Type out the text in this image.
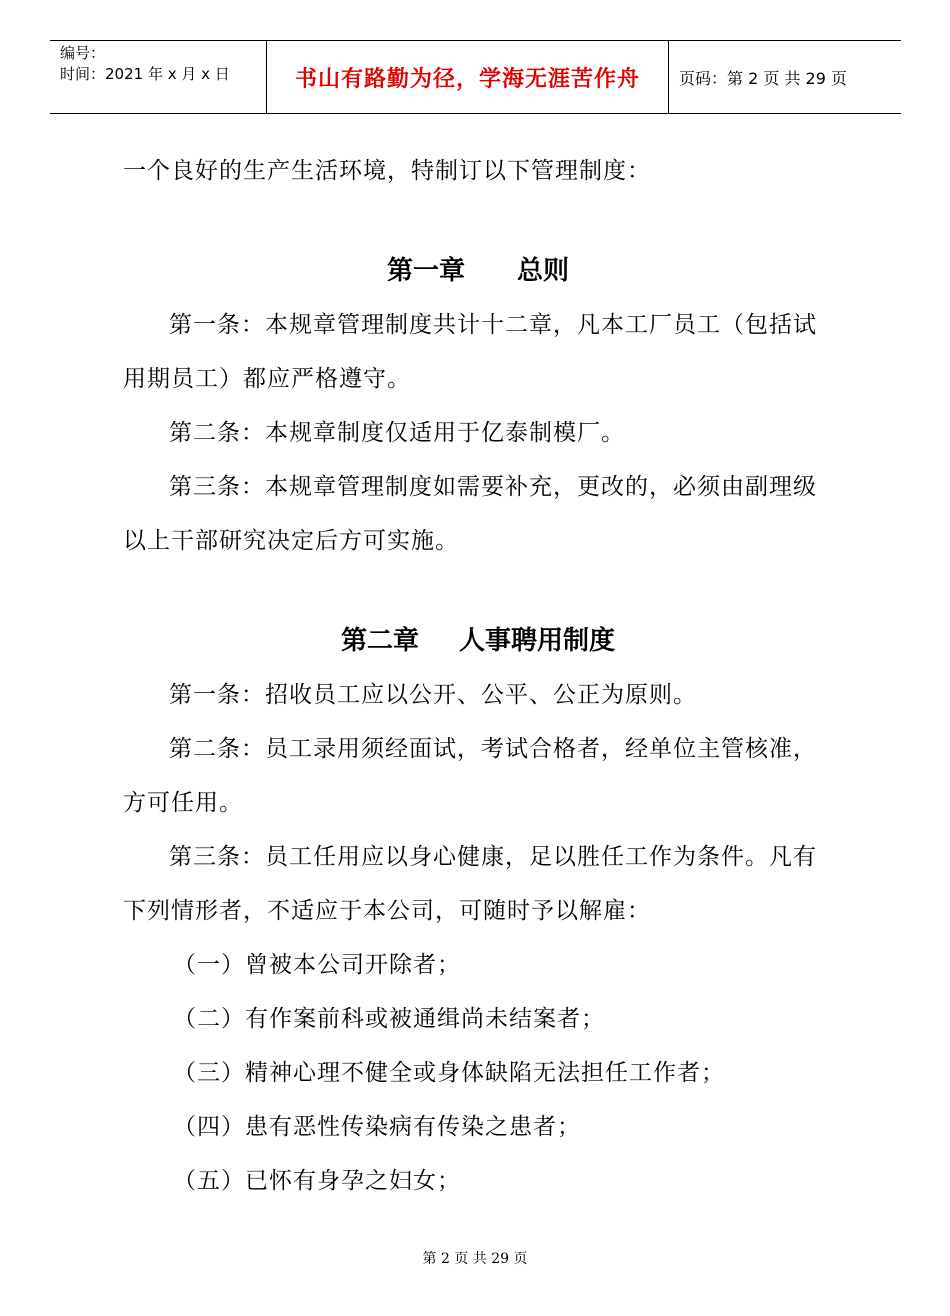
编号：
时间：2021 年 x 月 x 日	书山有路勤为径，学海无涯苦作舟 页码：第 2 页 共 29 页
一个良好的生产生活环境，特制订以下管理制度：
第一章 总则
第一条：本规章管理制度共计十二章，凡本工厂员工（包括试
用期员工）都应严格遵守。
第二条：本规章制度仅适用于亿泰制模厂。
第三条：本规章管理制度如需要补充，更改的，必须由副理级
以上干部研究决定后方可实施。
第二章 人事聘用制度
第一条：招收员工应以公开、公平、公正为原则。
第二条：员工录用须经面试，考试合格者，经单位主管核准，
方可任用。
第三条：员工任用应以身心健康，足以胜任工作为条件。凡有
下列情形者，不适应于本公司，可随时予以解雇：
（一）曾被本公司开除者；
（二）有作案前科或被通缉尚未结案者；
（三）精神心理不健全或身体缺陷无法担任工作者；
（四）患有恶性传染病有传染之患者；
（五）已怀有身孕之妇女；
第 2 页 共 29 页
